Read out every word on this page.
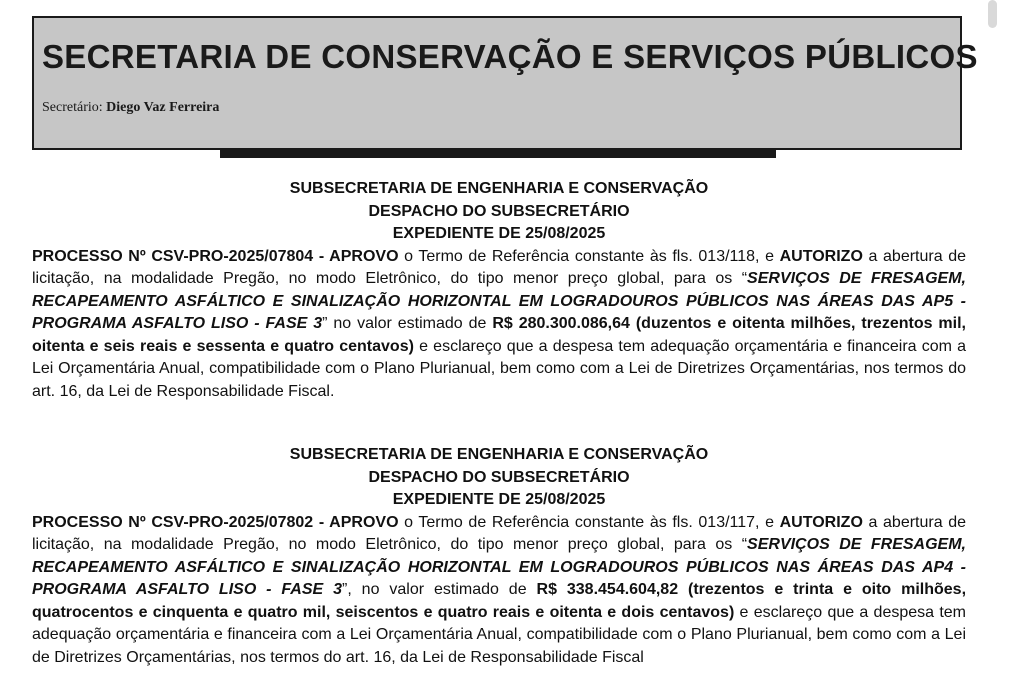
SECRETARIA DE CONSERVAÇÃO E SERVIÇOS PÚBLICOS
Secretário: Diego Vaz Ferreira
SUBSECRETARIA DE ENGENHARIA E CONSERVAÇÃO
DESPACHO DO SUBSECRETÁRIO
EXPEDIENTE DE 25/08/2025

PROCESSO Nº CSV-PRO-2025/07804 - APROVO o Termo de Referência constante às fls. 013/118, e AUTORIZO a abertura de licitação, na modalidade Pregão, no modo Eletrônico, do tipo menor preço global, para os “SERVIÇOS DE FRESAGEM, RECAPEAMENTO ASFÁLTICO E SINALIZAÇÃO HORIZONTAL EM LOGRADOUROS PÚBLICOS NAS ÁREAS DAS AP5 - PROGRAMA ASFALTO LISO - FASE 3” no valor estimado de R$ 280.300.086,64 (duzentos e oitenta milhões, trezentos mil, oitenta e seis reais e sessenta e quatro centavos) e esclareço que a despesa tem adequação orçamentária e financeira com a Lei Orçamentária Anual, compatibilidade com o Plano Plurianual, bem como com a Lei de Diretrizes Orçamentárias, nos termos do art. 16, da Lei de Responsabilidade Fiscal.

SUBSECRETARIA DE ENGENHARIA E CONSERVAÇÃO
DESPACHO DO SUBSECRETÁRIO
EXPEDIENTE DE 25/08/2025

PROCESSO Nº CSV-PRO-2025/07802 - APROVO o Termo de Referência constante às fls. 013/117, e AUTORIZO a abertura de licitação, na modalidade Pregão, no modo Eletrônico, do tipo menor preço global, para os “SERVIÇOS DE FRESAGEM, RECAPEAMENTO ASFÁLTICO E SINALIZAÇÃO HORIZONTAL EM LOGRADOUROS PÚBLICOS NAS ÁREAS DAS AP4 - PROGRAMA ASFALTO LISO - FASE 3”, no valor estimado de R$ 338.454.604,82 (trezentos e trinta e oito milhões, quatrocentos e cinquenta e quatro mil, seiscentos e quatro reais e oitenta e dois centavos) e esclareço que a despesa tem adequação orçamentária e financeira com a Lei Orçamentária Anual, compatibilidade com o Plano Plurianual, bem como com a Lei de Diretrizes Orçamentárias, nos termos do art. 16, da Lei de Responsabilidade Fiscal
